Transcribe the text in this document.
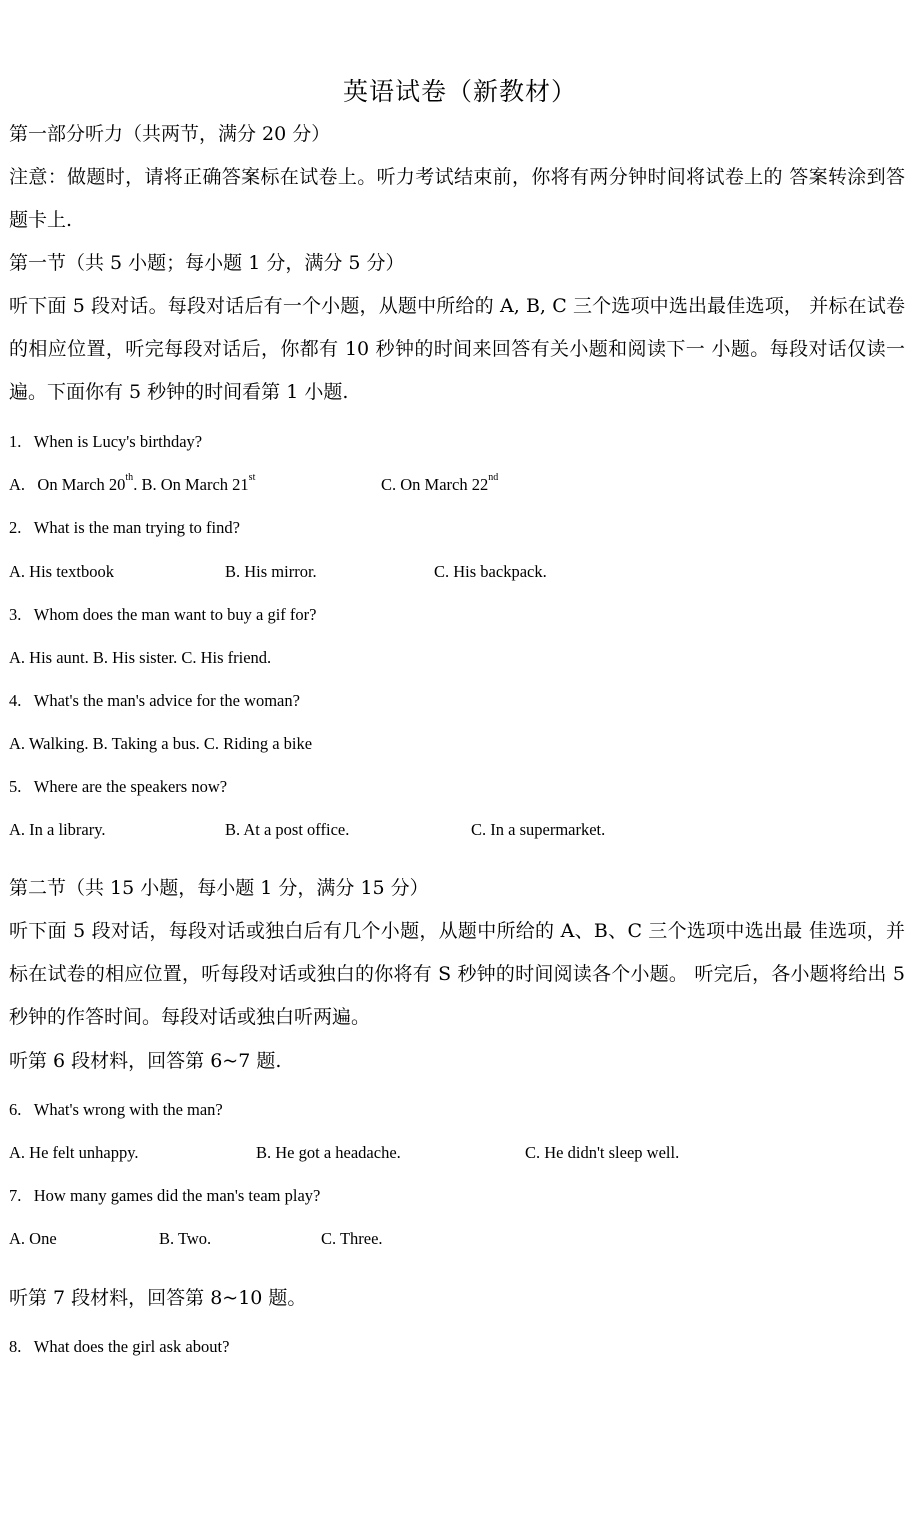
英语试卷（新教材）
第一部分听力（共两节，满分 20 分）
注意：做题时，请将正确答案标在试卷上。听力考试结束前，你将有两分钟时间将试卷上的 答案转涂到答题卡上.
第一节（共 5 小题；每小题 1 分，满分 5 分）
听下面 5 段对话。每段对话后有一个小题，从题中所给的 A, B, C 三个选项中选出最佳选项， 并标在试卷的相应位置，听完每段对话后，你都有 10 秒钟的时间来回答有关小题和阅读下一 小题。每段对话仅读一遍。下面你有 5 秒钟的时间看第 1 小题.
1.   When is Lucy's birthday?
A.   On March 20th. B. On March 21st	C. On March 22nd
2.   What is the man trying to find?
A. His textbook	B. His mirror.	C. His backpack.
3.   Whom does the man want to buy a gif for?
A. His aunt. B. His sister. C. His friend.
4.   What's the man's advice for the woman?
A. Walking. B. Taking a bus. C. Riding a bike
5.   Where are the speakers now?
A. In a library.	B. At a post office.	C. In a supermarket.
第二节（共 15 小题，每小题 1 分，满分 15 分）
听下面 5 段对话，每段对话或独白后有几个小题，从题中所给的 A、B、C 三个选项中选出最 佳选项，并标在试卷的相应位置，听每段对话或独白的你将有 S 秒钟的时间阅读各个小题。 听完后，各小题将给出 5 秒钟的作答时间。每段对话或独白听两遍。
听第 6 段材料，回答第 6~7 题.
6.   What's wrong with the man?
A. He felt unhappy.	B. He got a headache.	C. He didn't sleep well.
7.   How many games did the man's team play?
A. One	B. Two.	C. Three.
听第 7 段材料，回答第 8~10 题。
8.   What does the girl ask about?
